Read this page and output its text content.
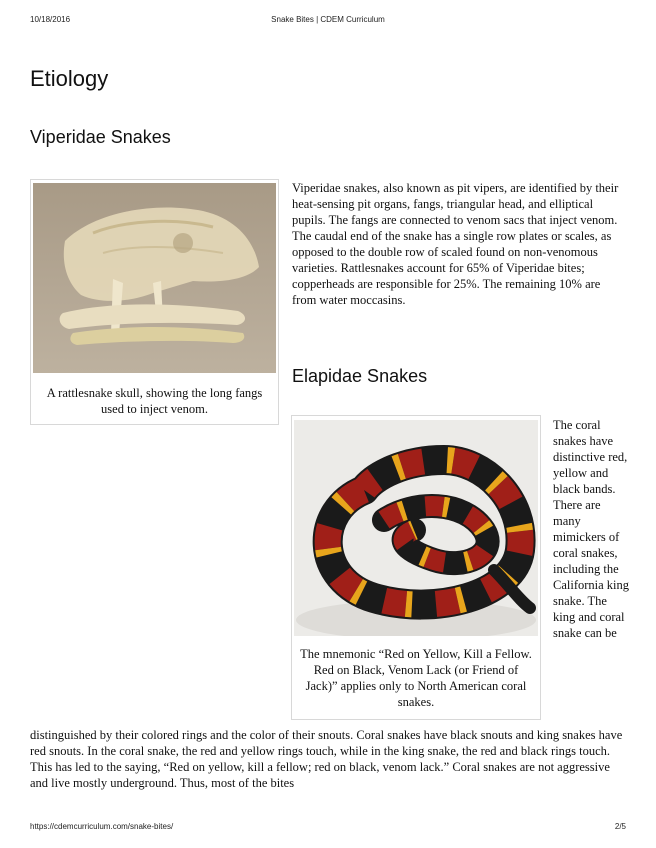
10/18/2016	Snake Bites | CDEM Curriculum
Etiology
Viperidae Snakes
A rattlesnake skull, showing the long fangs used to inject venom.

Viperidae snakes, also known as pit vipers, are identified by their heat-sensing pit organs, fangs, triangular head, and elliptical pupils. The fangs are connected to venom sacs that inject venom. The caudal end of the snake has a single row plates or scales, as opposed to the double row of scaled found on non-venomous varieties. Rattlesnakes account for 65% of Viperidae bites; copperheads are responsible for 25%. The remaining 10% are from water moccasins.

Elapidae Snakes
The mnemonic “Red on Yellow, Kill a Fellow. Red on Black, Venom Lack (or Friend of Jack)” applies only to North American coral snakes.

The coral snakes have distinctive red, yellow and black bands. There are many mimickers of coral snakes, including the California king snake. The king and coral snake can be

distinguished by their colored rings and the color of their snouts. Coral snakes have black snouts and king snakes have red snouts. In the coral snake, the red and yellow rings touch, while in the king snake, the red and black rings touch. This has led to the saying, “Red on yellow, kill a fellow; red on black, venom lack.” Coral snakes are not aggressive and live mostly underground. Thus, most of the bites

https://cdemcurriculum.com/snake-bites/	2/5
